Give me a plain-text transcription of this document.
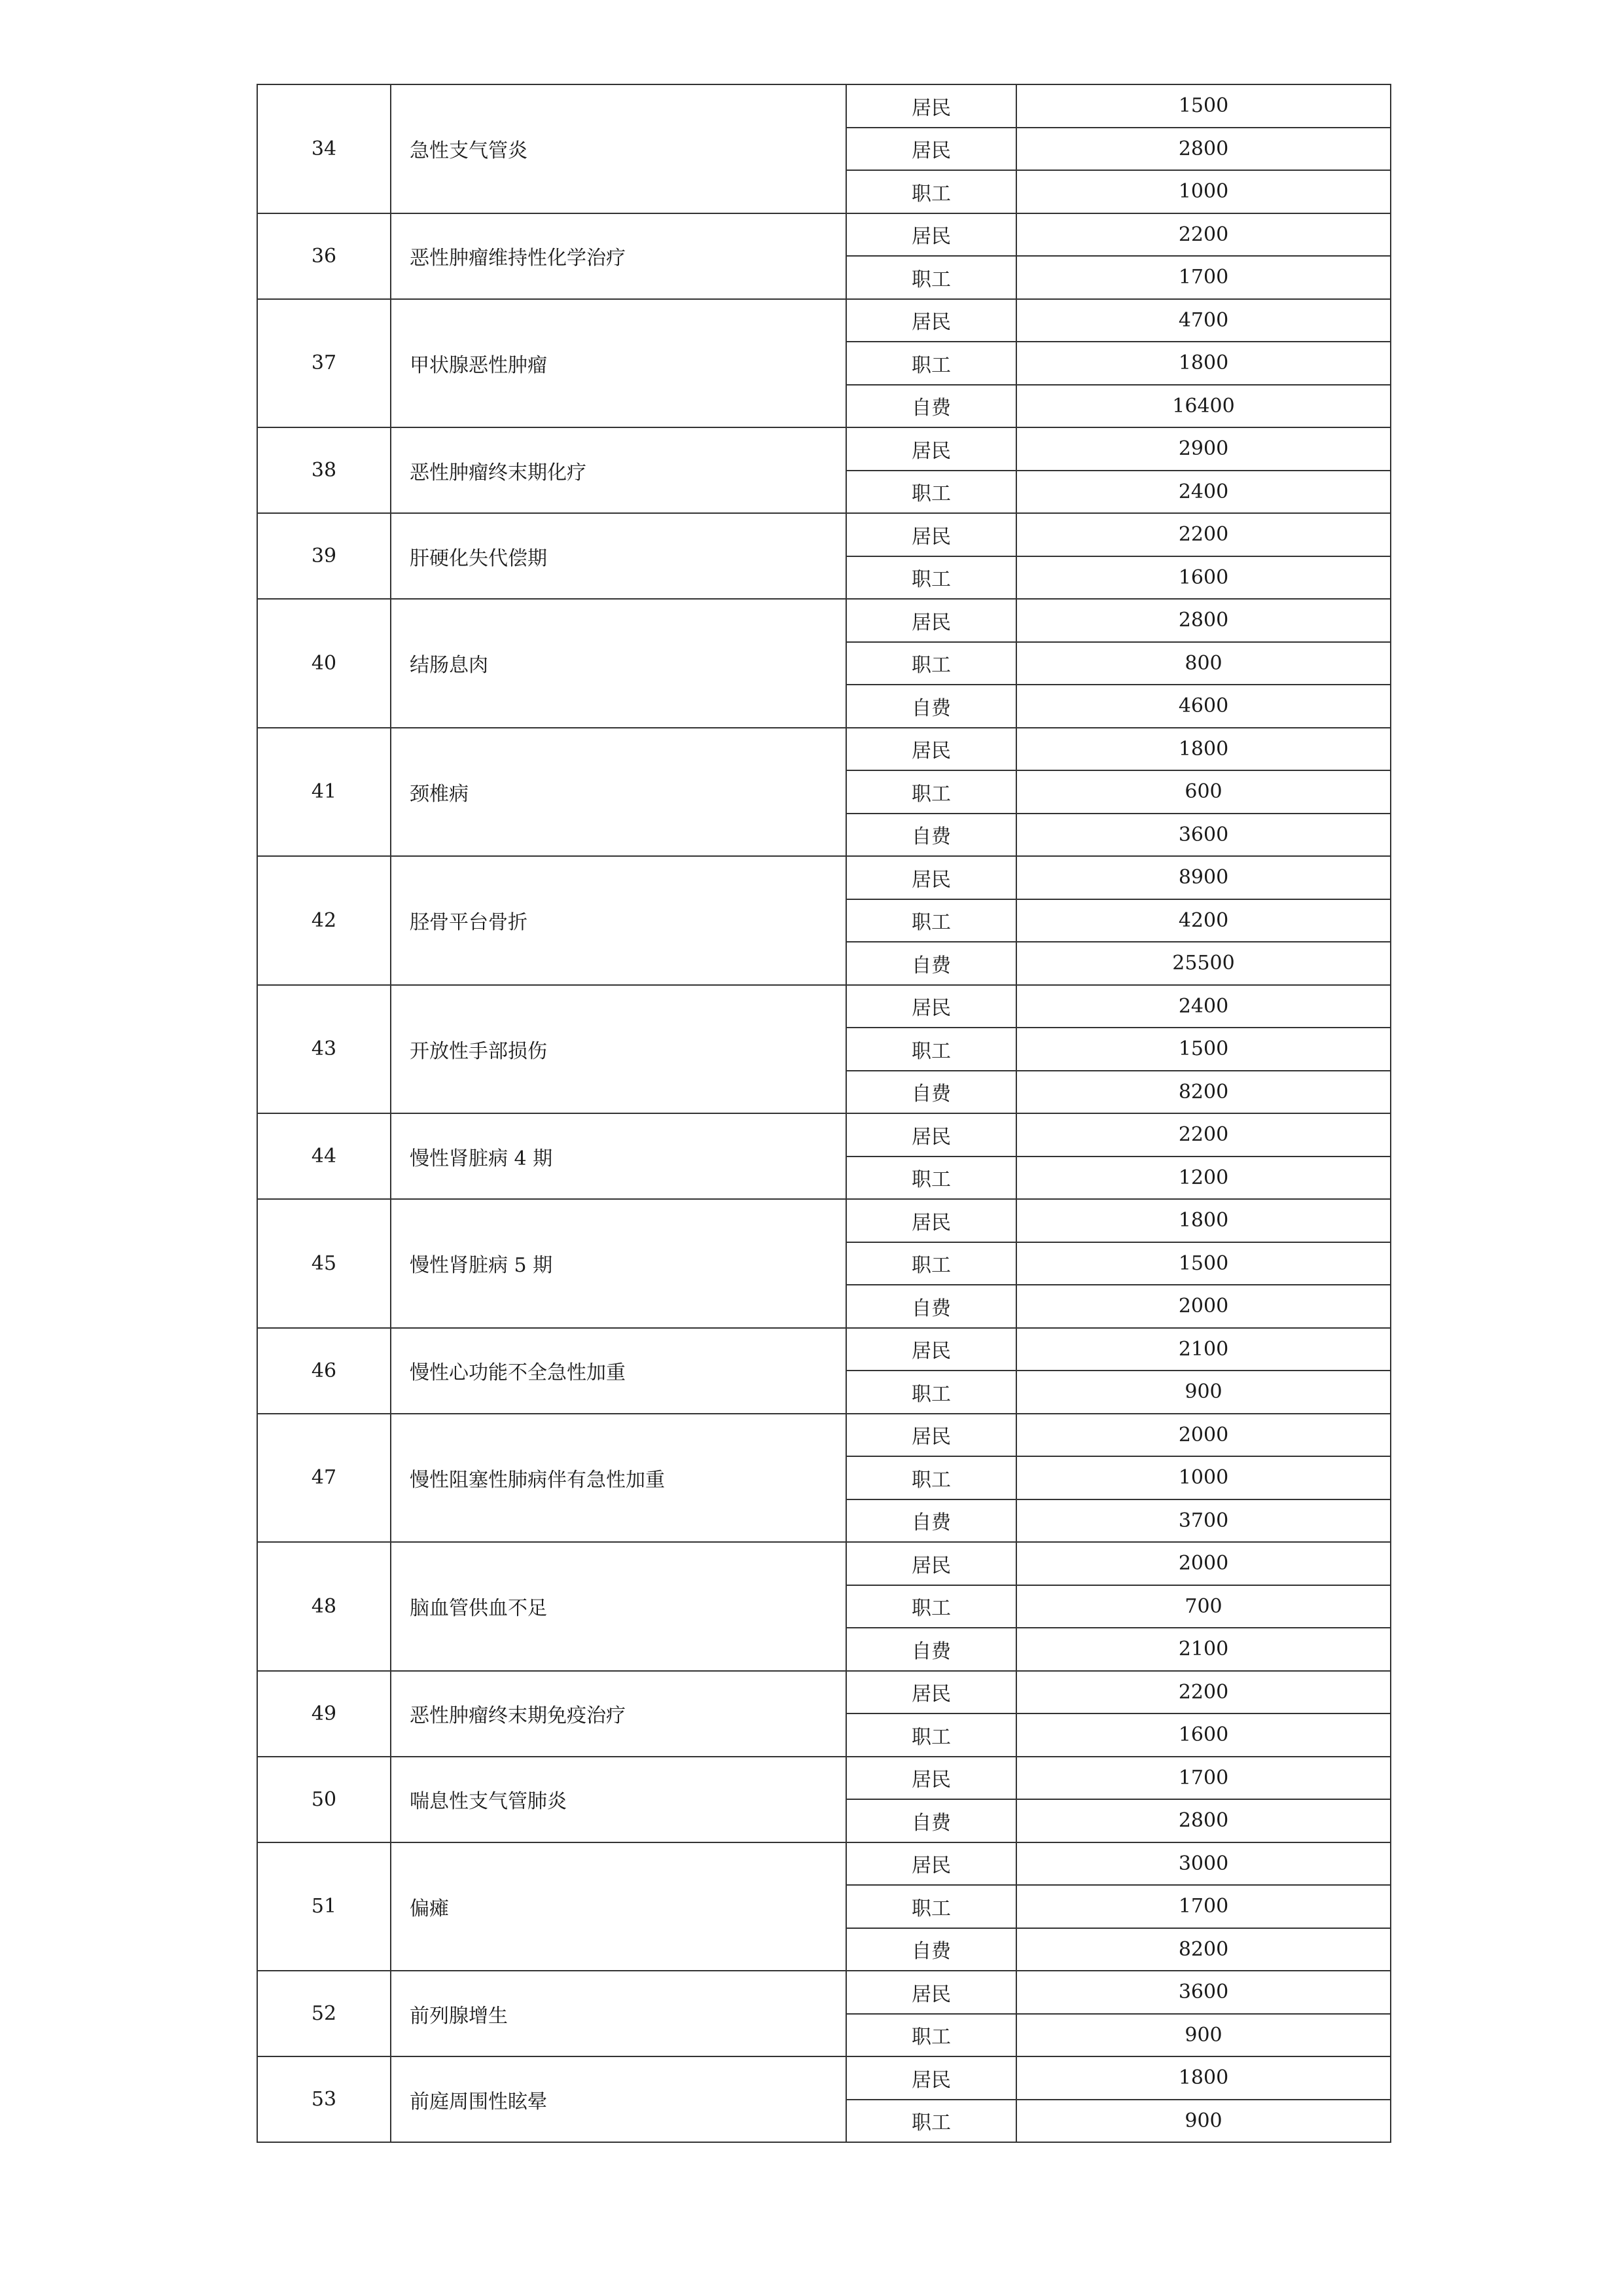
34	急性支气管炎	居民	1500
		居民	2800
		职工	1000
36	恶性肿瘤维持性化学治疗	居民	2200
		职工	1700
37	甲状腺恶性肿瘤	居民	4700
		职工	1800
		自费	16400
38	恶性肿瘤终末期化疗	居民	2900
		职工	2400
39	肝硬化失代偿期	居民	2200
		职工	1600
40	结肠息肉	居民	2800
		职工	800
		自费	4600
41	颈椎病	居民	1800
		职工	600
		自费	3600
42	胫骨平台骨折	居民	8900
		职工	4200
		自费	25500
43	开放性手部损伤	居民	2400
		职工	1500
		自费	8200
44	慢性肾脏病 4 期	居民	2200
		职工	1200
45	慢性肾脏病 5 期	居民	1800
		职工	1500
		自费	2000
46	慢性心功能不全急性加重	居民	2100
		职工	900
47	慢性阻塞性肺病伴有急性加重	居民	2000
		职工	1000
		自费	3700
48	脑血管供血不足	居民	2000
		职工	700
		自费	2100
49	恶性肿瘤终末期免疫治疗	居民	2200
		职工	1600
50	喘息性支气管肺炎	居民	1700
		自费	2800
51	偏瘫	居民	3000
		职工	1700
		自费	8200
52	前列腺增生	居民	3600
		职工	900
53	前庭周围性眩晕	居民	1800
		职工	900
